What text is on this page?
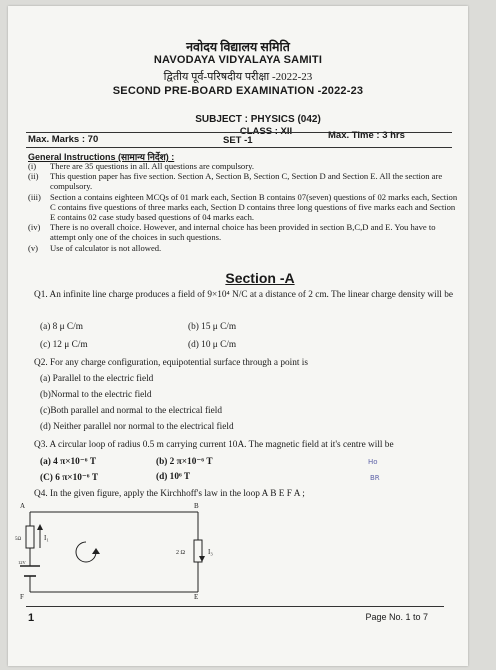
नवोदय विद्यालय समिति
NAVODAYA VIDYALAYA SAMITI
द्वितीय पूर्व-परिषदीय परीक्षा -2022-23
SECOND PRE-BOARD EXAMINATION -2022-23
SUBJECT : PHYSICS (042)
Max. Marks : 70	SET -1	Max. Time : 3 hrs
General Instructions (सामान्य निर्देश) :
(i)	There are 35 questions in all. All questions are compulsory.
(ii)	This question paper has five section. Section A, Section B, Section C, Section D and Section E. All the section are compulsory.
(iii)	Section a contains eighteen MCQs of 01 mark each, Section B contains 07(seven) questions of 02 marks each, Section C contains five questions of three marks each, Section D contains three long questions of five marks each and Section E contains 02 case study based questions of 04 marks each.
(iv)	There is no overall choice. However, and internal choice has been provided in section B,C,D and E. You have to attempt only one of the choices in such questions.
(v)	Use of calculator is not allowed.
Section -A
Q1. An infinite line charge produces a field of 9×10⁴ N/C at a distance of 2 cm. The linear charge density will be
(a) 8 μ C/m	(b) 15 μ C/m
(c) 12 μ C/m	(d) 10 μ C/m
Q2. For any charge configuration, equipotential surface through a point is
(a) Parallel to the electric field
(b)Normal to the electric field
(c)Both parallel and normal to the electrical field
(d) Neither parallel nor normal to the electrical field
Q3. A circular loop of radius 0.5 m carrying current 10A. The magnetic field at it's centre will be
(a) 4 π×10⁻⁶ T	(b) 2 π×10⁻⁶ T
(C) 6 π×10⁻⁶ T	(d) 10⁶ T
Ho
BR
Q4. In the given figure, apply the Kirchhoff's law in the loop A B E F A ;
A	B
E
F
5Ω	I₁
2 Ω	I₃
12V
1	Page No. 1 to 7
